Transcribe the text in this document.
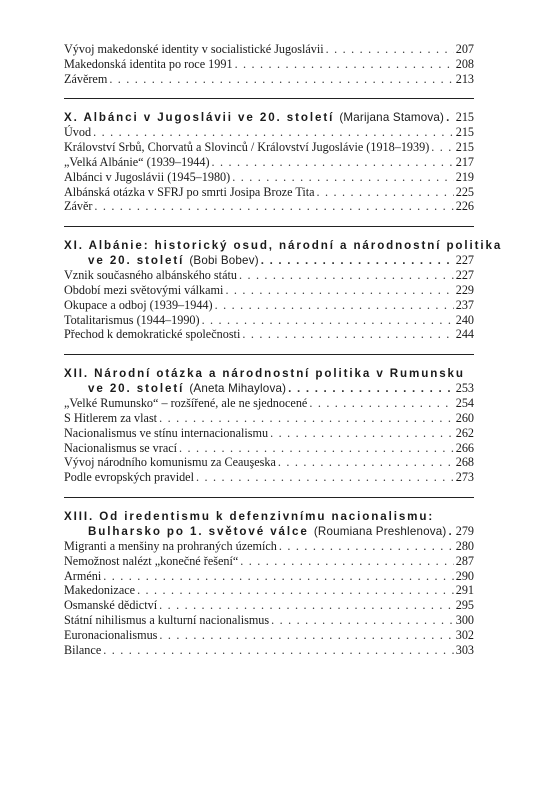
Vývoj makedonské identity v socialistické Jugoslávii . . .	207
Makedonská identita po roce 1991 . . .	208
Závěrem . . .	213
X. Albánci v Jugoslávii ve 20. století (Marijana Stamova) . . . 215
Úvod . . .	215
Království Srbů, Chorvatů a Slovinců / Království Jugoslávie (1918–1939) . . . 215
„Velká Albánie“ (1939–1944) . . .	217
Albánci v Jugoslávii (1945–1980) . . .	219
Albánská otázka v SFRJ po smrti Josipa Broze Tita . . .	225
Závěr . . .	226
XI. Albánie: historický osud, národní a národnostní politika
ve 20. století (Bobi Bobev) . . .	227
Vznik současného albánského státu . . .	227
Období mezi světovými válkami . . .	229
Okupace a odboj (1939–1944) . . .	237
Totalitarismus (1944–1990) . . .	240
Přechod k demokratické společnosti . . .	244
XII. Národní otázka a národnostní politika v Rumunsku
ve 20. století (Aneta Mihaylova) . . .	253
„Velké Rumunsko“ – rozšířené, ale ne sjednocené . . .	254
S Hitlerem za vlast . . .	260
Nacionalismus ve stínu internacionalismu . . .	262
Nacionalismus se vrací . . .	266
Vývoj národního komunismu za Ceauşeska . . .	268
Podle evropských pravidel . . .	273
XIII. Od iredentismu k defenzivnímu nacionalismu:
Bulharsko po 1. světové válce (Roumiana Preshlenova) . . . 279
Migranti a menšiny na prohraných územích . . .	280
Nemožnost nalézt „konečné řešení“ . . .	287
Arméni . . .	290
Makedonizace . . .	291
Osmanské dědictví . . .	295
Státní nihilismus a kulturní nacionalismus . . .	300
Euronacionalismus . . .	302
Bilance . . .	303
